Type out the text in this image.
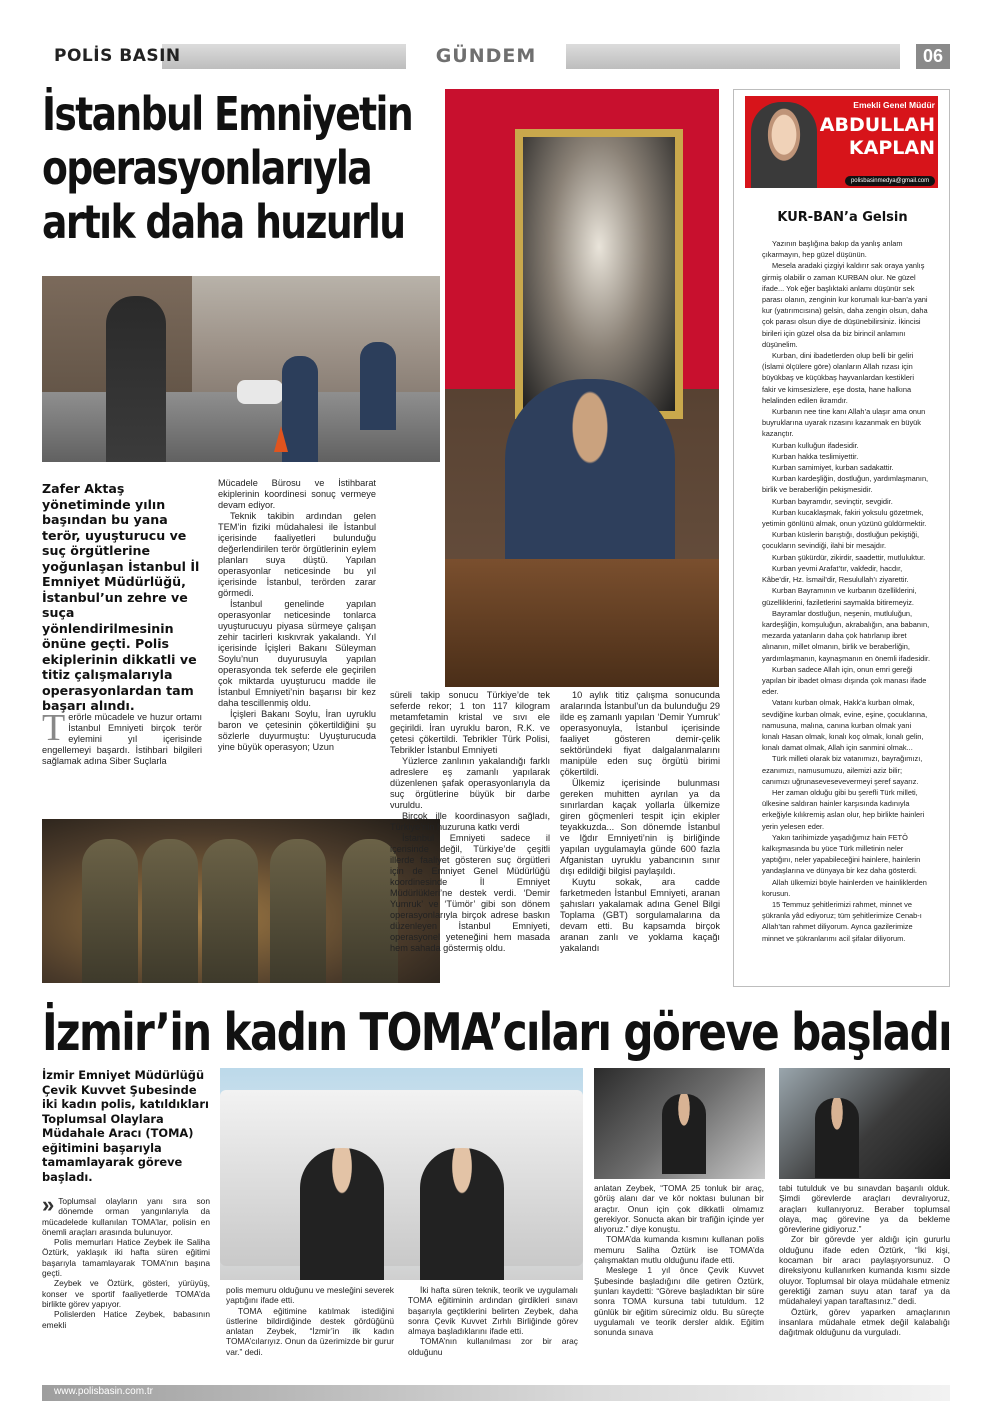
POLİS BASIN	GÜNDEM	06
İstanbul Emniyetin operasyonlarıyla artık daha huzurlu
Zafer Aktaş yönetiminde yılın başından bu yana terör, uyuşturucu ve suç örgütlerine yoğunlaşan İstanbul İl Emniyet Müdürlüğü, İstanbul’un zehre ve suça yönlendirilmesinin önüne geçti. Polis ekiplerinin dikkatli ve titiz çalışmalarıyla operasyonlardan tam başarı alındı.
T erörle mücadele ve huzur ortamı İstanbul Emniyeti birçok terör eylemini yıl içerisinde engellemeyi başardı. İstihbari bilgileri sağlamak adına Siber Suçlarla

Mücadele Bürosu ve İstihbarat ekiplerinin koordinesi sonuç vermeye devam ediyor.

Teknik takibin ardından gelen TEM’in fiziki müdahalesi ile İstanbul içerisinde faaliyetleri bulunduğu değerlendirilen terör örgütlerinin eylem planları suya düştü. Yapılan operasyonlar neticesinde bu yıl içerisinde İstanbul, terörden zarar görmedi.

İstanbul genelinde yapılan operasyonlar neticesinde tonlarca uyuşturucuyu piyasa sürmeye çalışan zehir tacirleri kıskıvrak yakalandı. Yıl içerisinde İçişleri Bakanı Süleyman Soylu’nun duyurusuyla yapılan operasyonda tek seferde ele geçirilen çok miktarda uyuşturucu madde ile İstanbul Emniyeti’nin başarısı bir kez daha tescillenmiş oldu.

İçişleri Bakanı Soylu, İran uyruklu baron ve çetesinin çökertildiğini şu sözlerle duyurmuştu: Uyuşturucuda yine büyük operasyon; Uzun

süreli takip sonucu Türkiye’de tek seferde rekor; 1 ton 117 kilogram metamfetamin kristal ve sıvı ele geçirildi. İran uyruklu baron, R.K. ve çetesi çökertildi. Tebrikler Türk Polisi, Tebrikler İstanbul Emniyeti

Yüzlerce zanlının yakalandığı farklı adreslere eş zamanlı yapılarak düzenlenen şafak operasyonlarıyla da suç örgütlerine büyük bir darbe vuruldu.

Birçok ille koordinasyon sağladı, Türkiye’nin huzuruna katkı verdi

İstanbul Emniyeti sadece il içerisinde değil, Türkiye’de çeşitli illerde faaliyet gösteren suç örgütleri için de Emniyet Genel Müdürlüğü koordinesinde İl Emniyet Müdürlükleri’ne destek verdi. ‘Demir Yumruk’ ve ‘Tümör’ gibi son dönem operasyonlarıyla birçok adrese baskın düzenleyen İstanbul Emniyeti, operasyonel yeteneğini hem masada hem sahada göstermiş oldu.

10 aylık titiz çalışma sonucunda aralarında İstanbul’un da bulunduğu 29 ilde eş zamanlı yapılan ‘Demir Yumruk’ operasyonuyla, İstanbul içerisinde faaliyet gösteren demir-çelik sektöründeki fiyat dalgalanmalarını manipüle eden suç örgütü birimi çökertildi.

Ülkemiz içerisinde bulunması gereken muhitten ayrılan ya da sınırlardan kaçak yollarla ülkemize giren göçmenleri tespit için ekipler teyakkuzda... Son dönemde İstanbul ve Iğdır Emniyeti’nin iş birliğinde yapılan uygulamayla günde 600 fazla Afganistan uyruklu yabancının sınır dışı edildiği bilgisi paylaşıldı.

Kuytu sokak, ara cadde farketmeden İstanbul Emniyeti, aranan şahısları yakalamak adına Genel Bilgi Toplama (GBT) sorgulamalarına da devam etti. Bu kapsamda birçok aranan zanlı ve yoklama kaçağı yakalandı

Emekli Genel Müdür
ABDULLAH
KAPLAN
polisbasinmedya@gmail.com
KUR-BAN’a Gelsin

Yazının başlığına bakıp da yanlış anlam çıkarmayın, hep güzel düşünün.

Mesela aradaki çizgiyi kaldırır sak oraya yanlış girmiş olabilir o zaman KURBAN olur. Ne güzel ifade... Yok eğer başlıktaki anlamı düşünür sek parası olanın, zenginin kur korumalı kur-ban’a yani kur (yatırımcısına) gelsin, daha zengin olsun, daha çok parası olsun diye de düşünebilirsiniz. İkincisi birileri için güzel olsa da biz birincil anlamını düşünelim.

Kurban, dini ibadetlerden olup belli bir geliri (İslami ölçülere göre) olanların Allah rızası için büyükbaş ve küçükbaş hayvanlardan kestikleri fakir ve kimsesizlere, eşe dosta, hane halkına helalinden edilen ikramdır.

Kurbanın nee tine kanı Allah’a ulaşır ama onun buyruklarına uyarak rızasını kazanmak en büyük kazançtır.

Kurban kulluğun ifadesidir.

Kurban hakka teslimiyettir.

Kurban samimiyet, kurban sadakattir.

Kurban kardeşliğin, dostluğun, yardımlaşmanın, birlik ve beraberliğin pekişmesidir.

Kurban bayramdır, sevinçtir, sevgidir.

Kurban kucaklaşmak, fakiri yoksulu gözetmek, yetimin gönlünü almak, onun yüzünü güldürmektir.

Kurban küslerin barıştığı, dostluğun pekiştiği, çocukların sevindiği, ilahi bir mesajdır.

Kurban şükürdür, zikirdir, saadettir, mutluluktur.

Kurban yevmi Arafat’tır, vakfedir, hacdır, Kâbe’dir, Hz. İsmail’dir, Resulullah’ı ziyarettir.

Kurban Bayramının ve kurbanın özelliklerini, güzelliklerini, faziletlerini saymakla bitiremeyiz.

Bayramlar dostluğun, neşenin, mutluluğun, kardeşliğin, komşuluğun, akrabalığın, ana babanın, mezarda yatanların daha çok hatırlanıp ibret alınanın, millet olmanın, birlik ve beraberliğin, yardımlaşmanın, kaynaşmanın en önemli ifadesidir.

Kurban sadece Allah için, onun emri gereği yapılan bir ibadet olması dışında çok manası ifade eder.

Vatanı kurban olmak, Hakk’a kurban olmak, sevdiğine kurban olmak, evine, eşine, çocuklarına, namusuna, malına, canına kurban olmak yani kınalı Hasan olmak, kınalı koç olmak, kınalı gelin, kınalı damat olmak, Allah için sanmini olmak...

Türk milleti olarak biz vatanımızı, bayrağımızı, ezanımızı, namusumuzu, ailemizi aziz bilir; canımızı uğrunasevesevevermeyi şeref sayarız.

Her zaman olduğu gibi bu şerefli Türk milleti, ülkesine saldıran hainler karşısında kadınıyla erkeğiyle kılıkremiş aslan olur, hep birlikte hainleri yerin yelesen eder.

Yakın tarihimizde yaşadığımız hain FETÖ kalkışmasında bu yüce Türk milletinin neler yaptığını, neler yapabileceğini hainlere, hainlerin yandaşlarına ve dünyaya bir kez daha gösterdi.

Allah ülkemizi böyle hainlerden ve hainliklerden korusun.

15 Temmuz şehitlerimizi rahmet, minnet ve şükranla yâd ediyoruz; tüm şehitlerimize Cenab-ı Allah’tan rahmet diliyorum. Ayrıca gazilerimize minnet ve şükranlarımı acil şifalar diliyorum.

İzmir’in kadın TOMA’cıları göreve başladı
İzmir Emniyet Müdürlüğü Çevik Kuvvet Şubesinde iki kadın polis, katıldıkları Toplumsal Olaylara Müdahale Aracı (TOMA) eğitimini başarıyla tamamlayarak göreve başladı.
» Toplumsal olayların yanı sıra son dönemde orman yangınlarıyla da mücadelede kullanılan TOMA’lar, polisin en önemli araçları arasında bulunuyor.

Polis memurları Hatice Zeybek ile Saliha Öztürk, yaklaşık iki hafta süren eğitimi başarıyla tamamlayarak TOMA’nın başına geçti.

Zeybek ve Öztürk, gösteri, yürüyüş, konser ve sportif faaliyetlerde TOMA’da birlikte görev yapıyor.

Polislerden Hatice Zeybek, babasının emekli

polis memuru olduğunu ve mesleğini severek yaptığını ifade etti.

TOMA eğitimine katılmak istediğini üstlerine bildirdiğinde destek gördüğünü anlatan Zeybek, “İzmir’in ilk kadın TOMA’cılarıyız. Onun da üzerimizde bir gurur var.” dedi.

İki hafta süren teknik, teorik ve uygulamalı TOMA eğitiminin ardından girdikleri sınavı başarıyla geçtiklerini belirten Zeybek, daha sonra Çevik Kuvvet Zırhlı Birliğinde görev almaya başladıklarını ifade etti.

TOMA’nın kullanılması zor bir araç olduğunu

anlatan Zeybek, “TOMA 25 tonluk bir araç, görüş alanı dar ve kör noktası bulunan bir araçtır. Onun için çok dikkatli olmamız gerekiyor. Sonucta akan bir trafiğin içinde yer alıyoruz.” diye konuştu.

TOMA’da kumanda kısmını kullanan polis memuru Saliha Öztürk ise TOMA’da çalışmaktan mutlu olduğunu ifade etti.

Meslege 1 yıl önce Çevik Kuvvet Şubesinde başladığını dile getiren Öztürk, şunları kaydetti: “Göreve başladıktan bir süre sonra TOMA kursuna tabi tutuldum. 12 günlük bir eğitim sürecimiz oldu. Bu süreçte uygulamalı ve teorik dersler aldık. Eğitim sonunda sınava

tabi tutulduk ve bu sınavdan başarılı olduk. Şimdi görevlerde araçları devralıyoruz, araçları kullanıyoruz. Beraber toplumsal olaya, maç görevine ya da bekleme görevlerine gidiyoruz.”

Zor bir görevde yer aldığı için gururlu olduğunu ifade eden Öztürk, “İki kişi, kocaman bir aracı paylaşıyorsunuz. O direksiyonu kullanırken kumanda kısmı sizde oluyor. Toplumsal bir olaya müdahale etmeniz gerektiği zaman suyu atan taraf ya da müdahaleyi yapan taraftasınız.” dedi.

Öztürk, görev yaparken amaçlarının insanlara müdahale etmek değil kalabalığı dağıtmak olduğunu da vurguladı.

www.polisbasin.com.tr
